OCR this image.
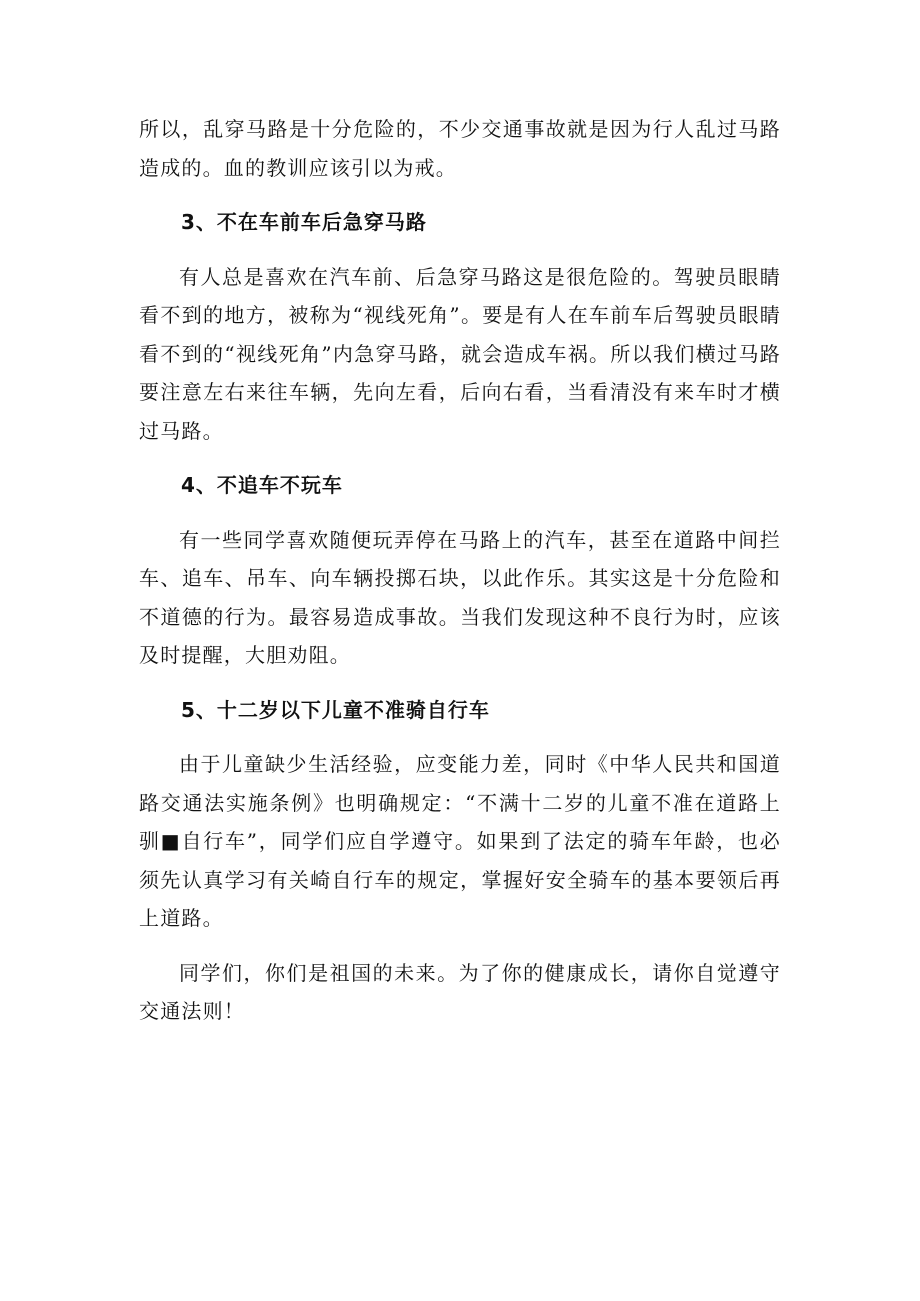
所以，乱穿马路是十分危险的，不少交通事故就是因为行人乱过马路造成的。血的教训应该引以为戒。

3、不在车前车后急穿马路

有人总是喜欢在汽车前、后急穿马路这是很危险的。驾驶员眼睛看不到的地方，被称为“视线死角”。要是有人在车前车后驾驶员眼睛看不到的“视线死角”内急穿马路，就会造成车祸。所以我们横过马路要注意左右来往车辆，先向左看，后向右看，当看清没有来车时才横过马路。

4、不追车不玩车

有一些同学喜欢随便玩弄停在马路上的汽车，甚至在道路中间拦车、追车、吊车、向车辆投掷石块，以此作乐。其实这是十分危险和不道德的行为。最容易造成事故。当我们发现这种不良行为时，应该及时提醒，大胆劝阻。

5、十二岁以下儿童不准骑自行车

由于儿童缺少生活经验，应变能力差，同时《中华人民共和国道路交通法实施条例》也明确规定：“不满十二岁的儿童不准在道路上驯■自行车”，同学们应自学遵守。如果到了法定的骑车年龄，也必须先认真学习有关崎自行车的规定，掌握好安全骑车的基本要领后再上道路。

同学们，你们是祖国的未来。为了你的健康成长，请你自觉遵守交通法则！
